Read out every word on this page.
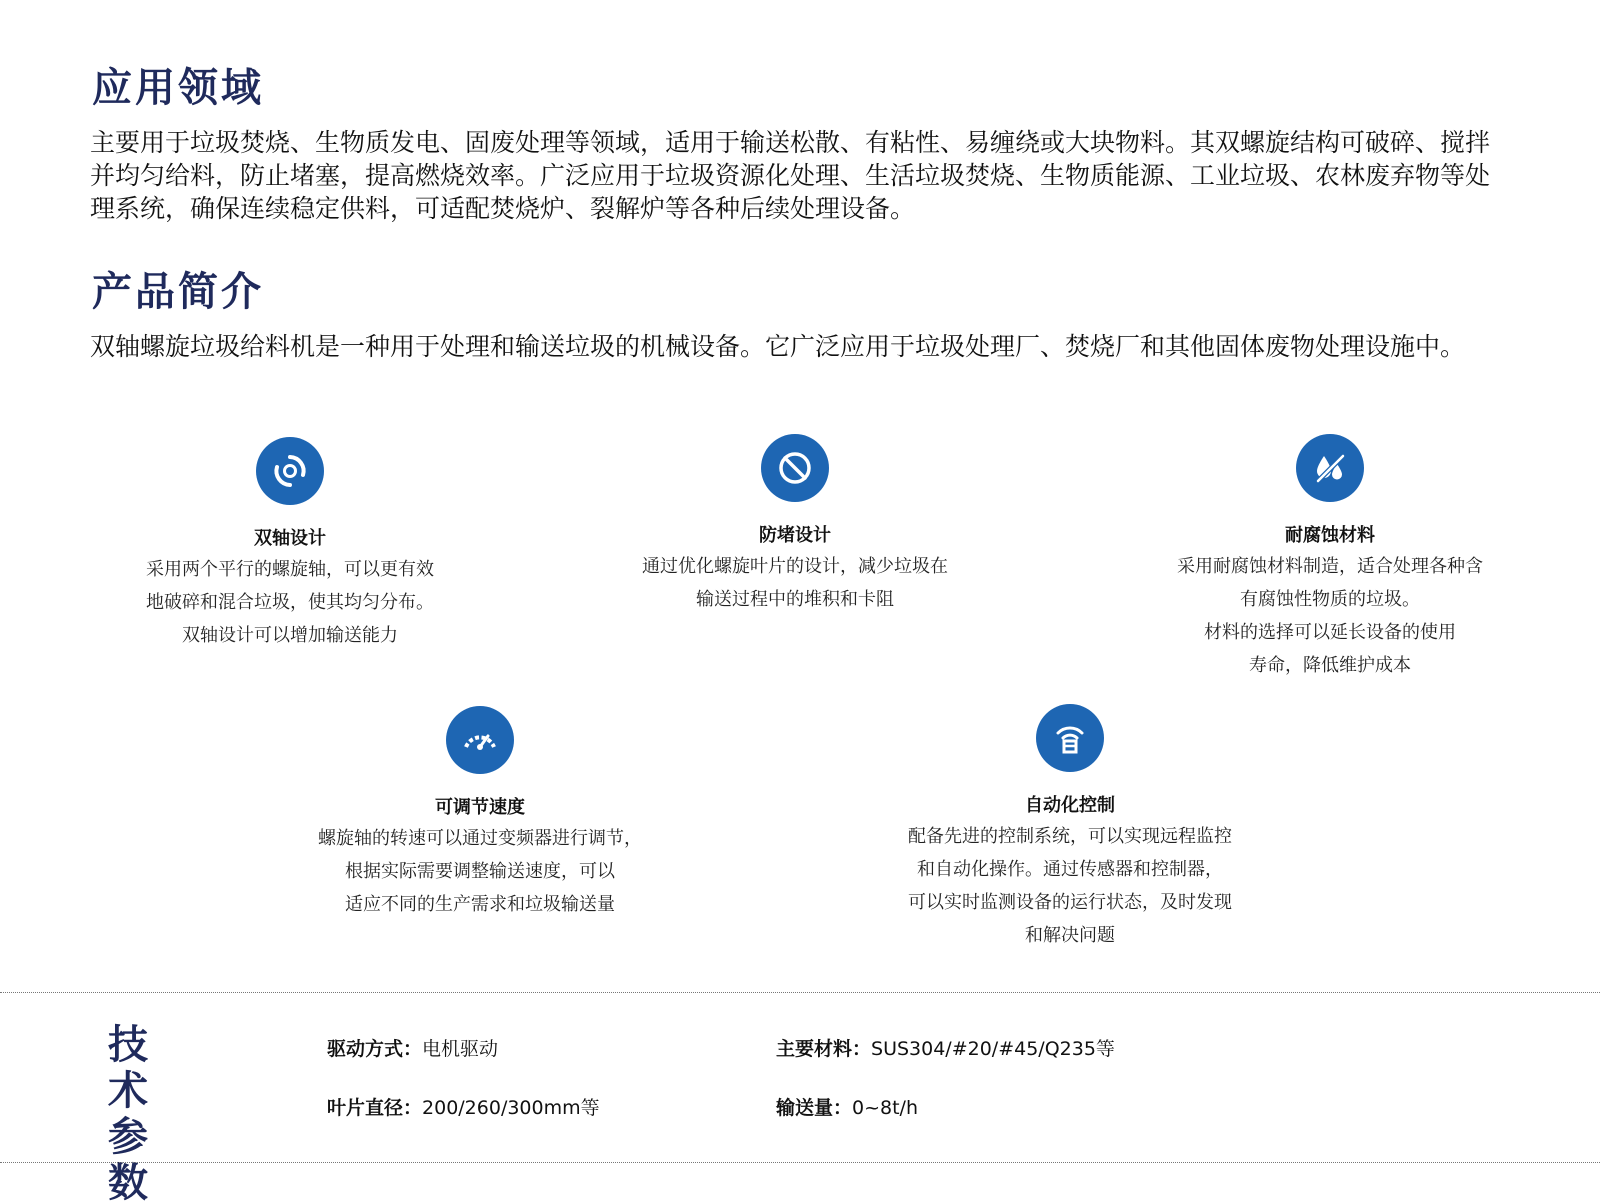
应用领域

主要用于垃圾焚烧、生物质发电、固废处理等领域，适用于输送松散、有粘性、易缠绕或大块物料。其双螺旋结构可破碎、搅拌并均匀给料，防止堵塞，提高燃烧效率。广泛应用于垃圾资源化处理、生活垃圾焚烧、生物质能源、工业垃圾、农林废弃物等处理系统，确保连续稳定供料，可适配焚烧炉、裂解炉等各种后续处理设备。

产品简介

双轴螺旋垃圾给料机是一种用于处理和输送垃圾的机械设备。它广泛应用于垃圾处理厂、焚烧厂和其他固体废物处理设施中。

双轴设计
采用两个平行的螺旋轴，可以更有效
地破碎和混合垃圾，使其均匀分布。
双轴设计可以增加输送能力
防堵设计
通过优化螺旋叶片的设计，减少垃圾在
输送过程中的堆积和卡阻
耐腐蚀材料
采用耐腐蚀材料制造，适合处理各种含
有腐蚀性物质的垃圾。
材料的选择可以延长设备的使用
寿命，降低维护成本
可调节速度
螺旋轴的转速可以通过变频器进行调节，
根据实际需要调整输送速度，可以
适应不同的生产需求和垃圾输送量
自动化控制
配备先进的控制系统，可以实现远程监控
和自动化操作。通过传感器和控制器，
可以实时监测设备的运行状态，及时发现
和解决问题
技 术
参 数
驱动方式：电机驱动	主要材料：SUS304/#20/#45/Q235等
叶片直径：200/260/300mm等	输送量：0~8t/h
